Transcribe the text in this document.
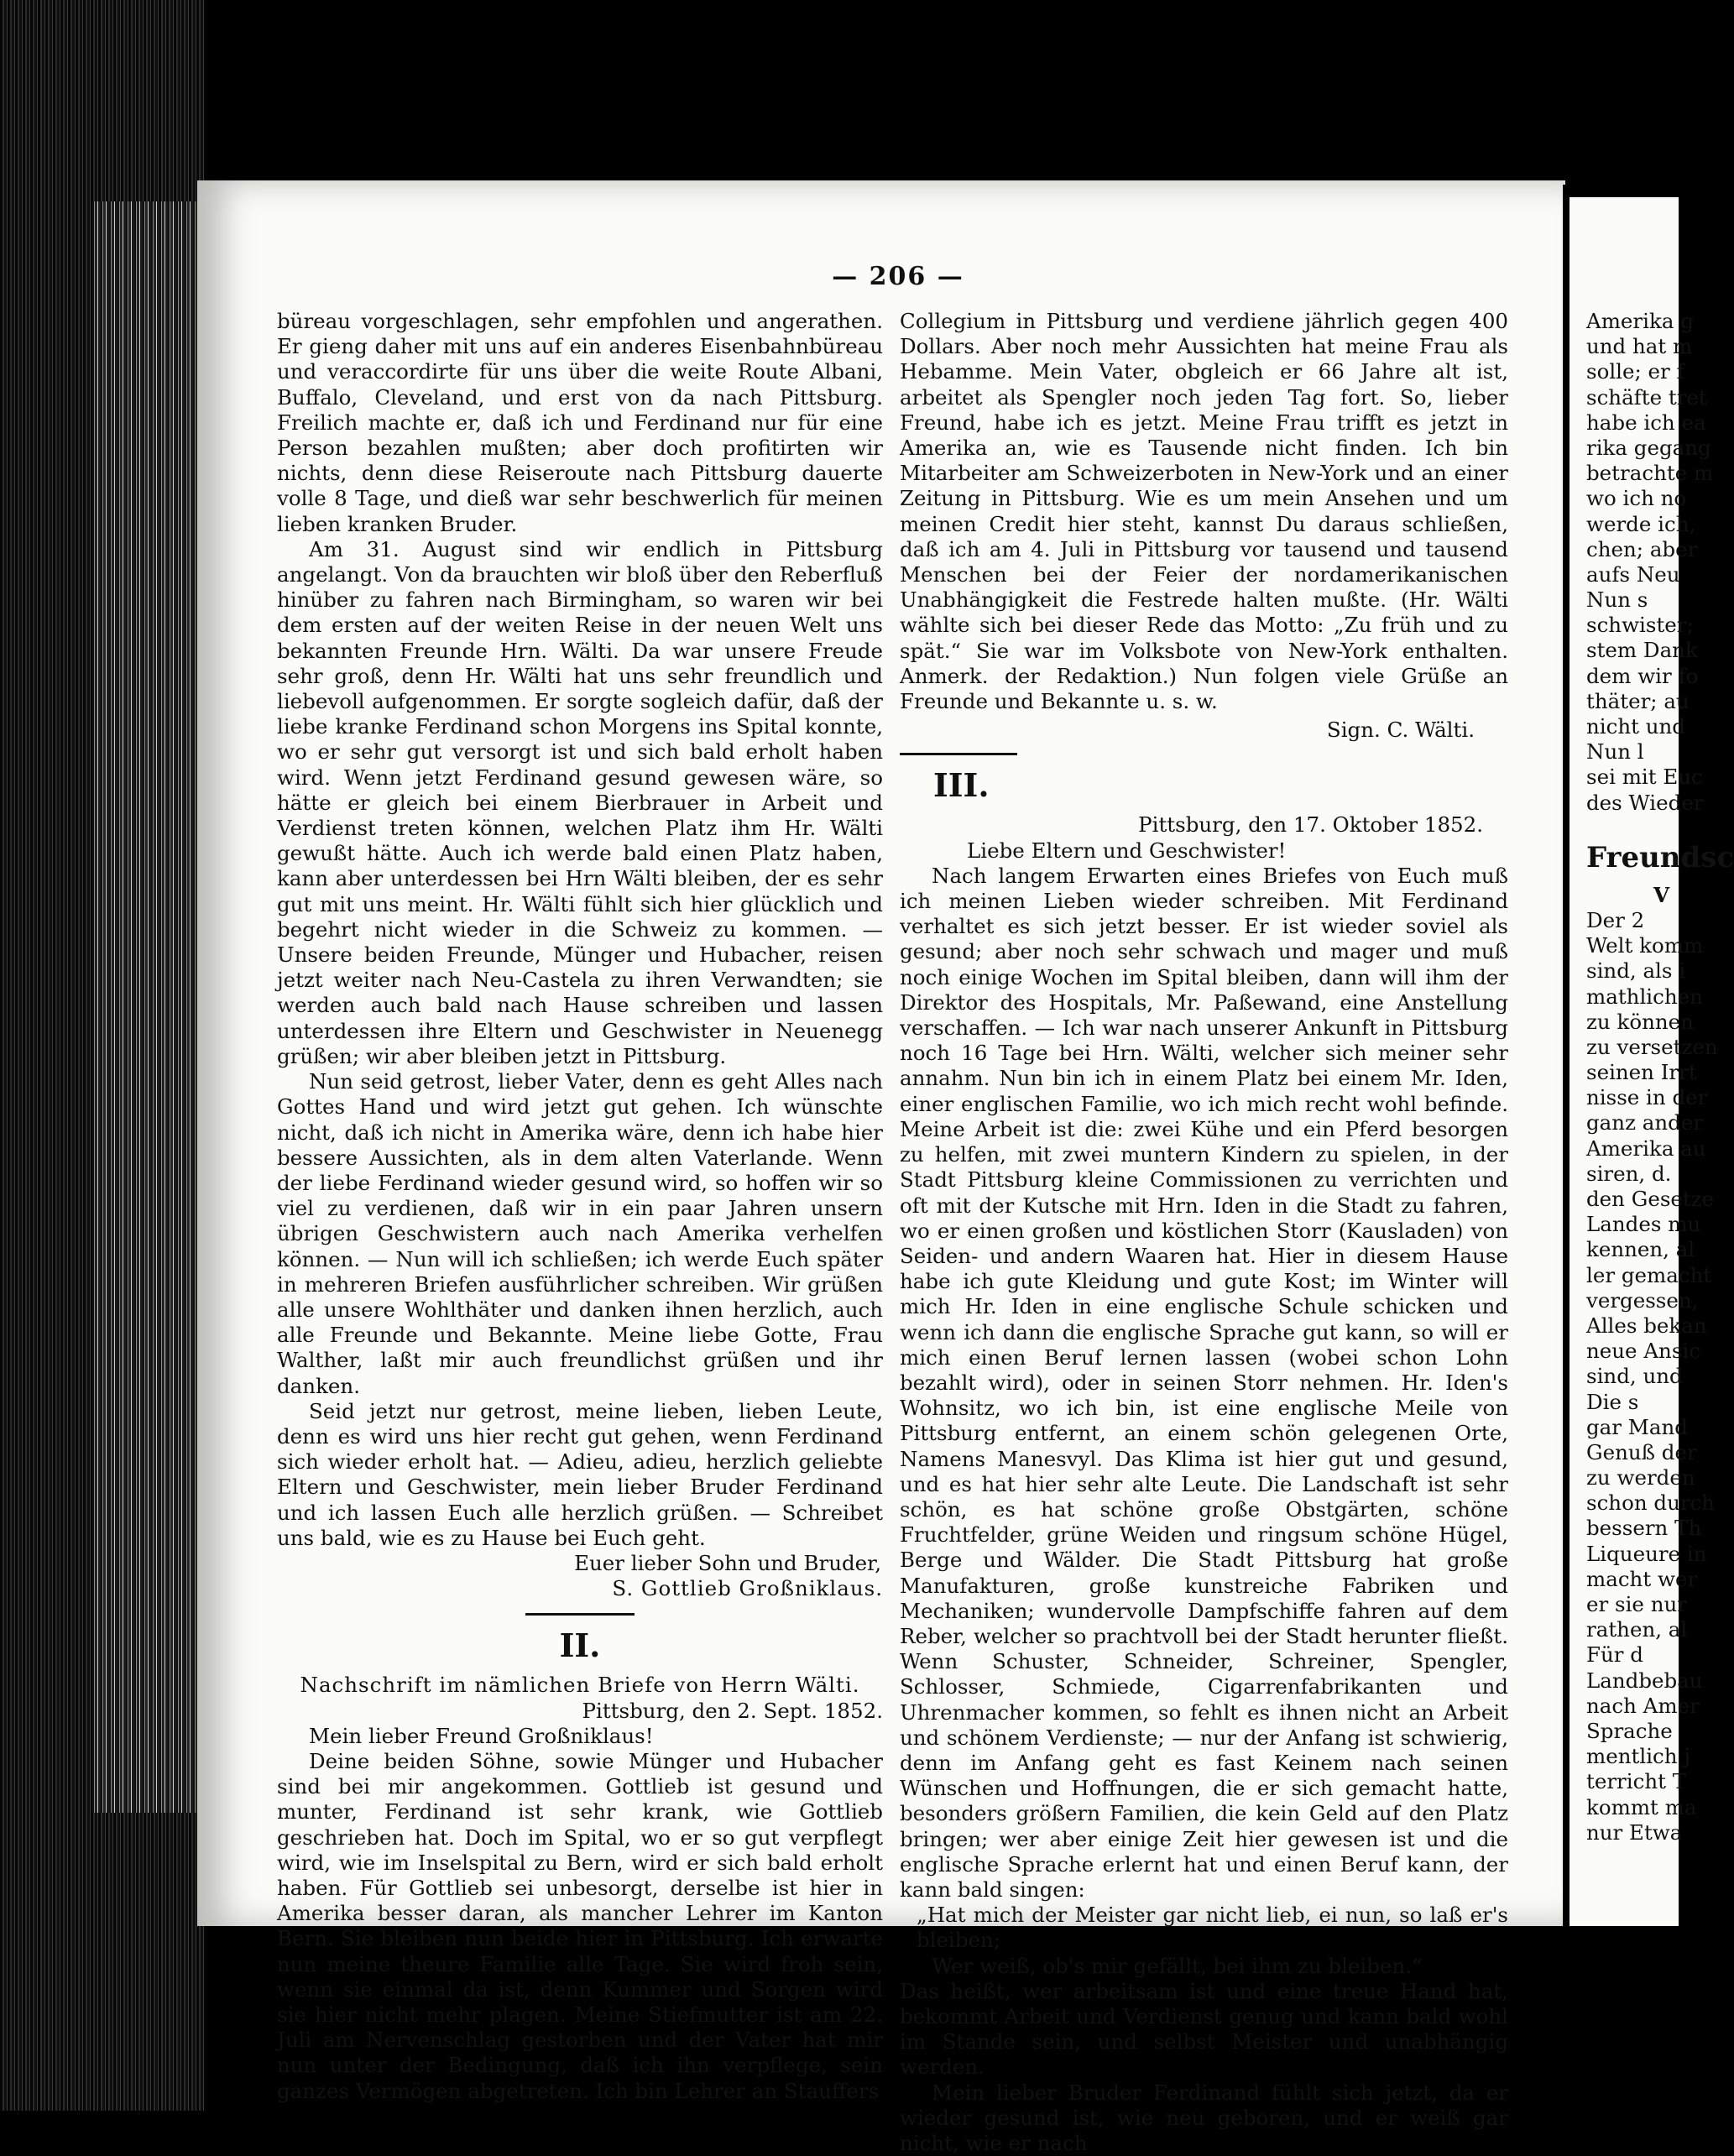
— 206 —

büreau vorgeschlagen, sehr empfohlen und angerathen. Er gieng daher mit uns auf ein anderes Eisenbahnbüreau und veraccordirte für uns über die weite Route Albani, Buffalo, Cleveland, und erst von da nach Pittsburg. Freilich machte er, daß ich und Ferdinand nur für eine Person bezahlen mußten; aber doch profitirten wir nichts, denn diese Reiseroute nach Pittsburg dauerte volle 8 Tage, und dieß war sehr beschwerlich für meinen lieben kranken Bruder.

Am 31. August sind wir endlich in Pittsburg angelangt. Von da brauchten wir bloß über den Reberfluß hinüber zu fahren nach Birmingham, so waren wir bei dem ersten auf der weiten Reise in der neuen Welt uns bekannten Freunde Hrn. Wälti. Da war unsere Freude sehr groß, denn Hr. Wälti hat uns sehr freundlich und liebevoll aufgenommen. Er sorgte sogleich dafür, daß der liebe kranke Ferdinand schon Morgens ins Spital konnte, wo er sehr gut versorgt ist und sich bald erholt haben wird. Wenn jetzt Ferdinand gesund gewesen wäre, so hätte er gleich bei einem Bierbrauer in Arbeit und Verdienst treten können, welchen Platz ihm Hr. Wälti gewußt hätte. Auch ich werde bald einen Platz haben, kann aber unterdessen bei Hrn Wälti bleiben, der es sehr gut mit uns meint. Hr. Wälti fühlt sich hier glücklich und begehrt nicht wieder in die Schweiz zu kommen. — Unsere beiden Freunde, Münger und Hubacher, reisen jetzt weiter nach Neu-Castela zu ihren Verwandten; sie werden auch bald nach Hause schreiben und lassen unterdessen ihre Eltern und Geschwister in Neuenegg grüßen; wir aber bleiben jetzt in Pittsburg.

Nun seid getrost, lieber Vater, denn es geht Alles nach Gottes Hand und wird jetzt gut gehen. Ich wünschte nicht, daß ich nicht in Amerika wäre, denn ich habe hier bessere Aussichten, als in dem alten Vaterlande. Wenn der liebe Ferdinand wieder gesund wird, so hoffen wir so viel zu verdienen, daß wir in ein paar Jahren unsern übrigen Geschwistern auch nach Amerika verhelfen können. — Nun will ich schließen; ich werde Euch später in mehreren Briefen ausführlicher schreiben. Wir grüßen alle unsere Wohlthäter und danken ihnen herzlich, auch alle Freunde und Bekannte. Meine liebe Gotte, Frau Walther, laßt mir auch freundlichst grüßen und ihr danken.

Seid jetzt nur getrost, meine lieben, lieben Leute, denn es wird uns hier recht gut gehen, wenn Ferdinand sich wieder erholt hat. — Adieu, adieu, herzlich geliebte Eltern und Geschwister, mein lieber Bruder Ferdinand und ich lassen Euch alle herzlich grüßen. — Schreibet uns bald, wie es zu Hause bei Euch geht.

Euer lieber Sohn und Bruder,

S. Gottlieb Großniklaus.

II.

Nachschrift im nämlichen Briefe von Herrn Wälti.

Pittsburg, den 2. Sept. 1852.

Mein lieber Freund Großniklaus!

Deine beiden Söhne, sowie Münger und Hubacher sind bei mir angekommen. Gottlieb ist gesund und munter, Ferdinand ist sehr krank, wie Gottlieb geschrieben hat. Doch im Spital, wo er so gut verpflegt wird, wie im Inselspital zu Bern, wird er sich bald erholt haben. Für Gottlieb sei unbesorgt, derselbe ist hier in Amerika besser daran, als mancher Lehrer im Kanton Bern. Sie bleiben nun beide hier in Pittsburg. Ich erwarte nun meine theure Familie alle Tage. Sie wird froh sein, wenn sie einmal da ist, denn Kummer und Sorgen wird sie hier nicht mehr plagen. Meine Stiefmutter ist am 22. Juli am Nervenschlag gestorben und der Vater hat mir nun unter der Bedingung, daß ich ihn verpflege, sein ganzes Vermögen abgetreten. Ich bin Lehrer an Stauffers

Collegium in Pittsburg und verdiene jährlich gegen 400 Dollars. Aber noch mehr Aussichten hat meine Frau als Hebamme. Mein Vater, obgleich er 66 Jahre alt ist, arbeitet als Spengler noch jeden Tag fort. So, lieber Freund, habe ich es jetzt. Meine Frau trifft es jetzt in Amerika an, wie es Tausende nicht finden. Ich bin Mitarbeiter am Schweizerboten in New-York und an einer Zeitung in Pittsburg. Wie es um mein Ansehen und um meinen Credit hier steht, kannst Du daraus schließen, daß ich am 4. Juli in Pittsburg vor tausend und tausend Menschen bei der Feier der nordamerikanischen Unabhängigkeit die Festrede halten mußte. (Hr. Wälti wählte sich bei dieser Rede das Motto: „Zu früh und zu spät.“ Sie war im Volksbote von New-York enthalten. Anmerk. der Redaktion.) Nun folgen viele Grüße an Freunde und Bekannte u. s. w.

Sign. C. Wälti.

III.

Pittsburg, den 17. Oktober 1852.

Liebe Eltern und Geschwister!

Nach langem Erwarten eines Briefes von Euch muß ich meinen Lieben wieder schreiben. Mit Ferdinand verhaltet es sich jetzt besser. Er ist wieder soviel als gesund; aber noch sehr schwach und mager und muß noch einige Wochen im Spital bleiben, dann will ihm der Direktor des Hospitals, Mr. Paßewand, eine Anstellung verschaffen. — Ich war nach unserer Ankunft in Pittsburg noch 16 Tage bei Hrn. Wälti, welcher sich meiner sehr annahm. Nun bin ich in einem Platz bei einem Mr. Iden, einer englischen Familie, wo ich mich recht wohl befinde. Meine Arbeit ist die: zwei Kühe und ein Pferd besorgen zu helfen, mit zwei muntern Kindern zu spielen, in der Stadt Pittsburg kleine Commissionen zu verrichten und oft mit der Kutsche mit Hrn. Iden in die Stadt zu fahren, wo er einen großen und köstlichen Storr (Kausladen) von Seiden- und andern Waaren hat. Hier in diesem Hause habe ich gute Kleidung und gute Kost; im Winter will mich Hr. Iden in eine englische Schule schicken und wenn ich dann die englische Sprache gut kann, so will er mich einen Beruf lernen lassen (wobei schon Lohn bezahlt wird), oder in seinen Storr nehmen. Hr. Iden's Wohnsitz, wo ich bin, ist eine englische Meile von Pittsburg entfernt, an einem schön gelegenen Orte, Namens Manesvyl. Das Klima ist hier gut und gesund, und es hat hier sehr alte Leute. Die Landschaft ist sehr schön, es hat schöne große Obstgärten, schöne Fruchtfelder, grüne Weiden und ringsum schöne Hügel, Berge und Wälder. Die Stadt Pittsburg hat große Manufakturen, große kunstreiche Fabriken und Mechaniken; wundervolle Dampfschiffe fahren auf dem Reber, welcher so prachtvoll bei der Stadt herunter fließt. Wenn Schuster, Schneider, Schreiner, Spengler, Schlosser, Schmiede, Cigarrenfabrikanten und Uhrenmacher kommen, so fehlt es ihnen nicht an Arbeit und schönem Verdienste; — nur der Anfang ist schwierig, denn im Anfang geht es fast Keinem nach seinen Wünschen und Hoffnungen, die er sich gemacht hatte, besonders größern Familien, die kein Geld auf den Platz bringen; wer aber einige Zeit hier gewesen ist und die englische Sprache erlernt hat und einen Beruf kann, der kann bald singen:

„Hat mich der Meister gar nicht lieb, ei nun, so laß er's bleiben;

Wer weiß, ob's mir gefällt, bei ihm zu bleiben.“

Das heißt, wer arbeitsam ist und eine treue Hand hat, bekommt Arbeit und Verdienst genug und kann bald wohl im Stande sein, und selbst Meister und unabhängig werden.

Mein lieber Bruder Ferdinand fühlt sich jetzt, da er wieder gesund ist, wie neu geboren, und er weiß gar nicht, wie er nach

Amerika g
und hat m
solle; er f
schäfte tret
habe ich ea
rika gegang
betrachte m
wo ich no
werde ich,
chen; aber
aufs Neu
Nun s
schwister;
stem Dank
dem wir fo
thäter; au
nicht und
Nun l
sei mit Euc
des Wieder
Freundsc
V
Der 2
Welt komm
sind, als i
mathlichen
zu können
zu versetzen
seinen Irrt
nisse in der
ganz ander
Amerika au
siren, d.
den Gesetze
Landes mu
kennen, al
ler gemacht
vergessen,
Alles bekan
neue Ansic
sind, und
Die s
gar Mand
Genuß der
zu werden
schon durch
bessern Th
Liqueure in
macht wer
er sie nur
rathen, al
Für d
Landbebau
nach Amer
Sprache
mentlich j
terricht T
kommt ma
nur Etwa
